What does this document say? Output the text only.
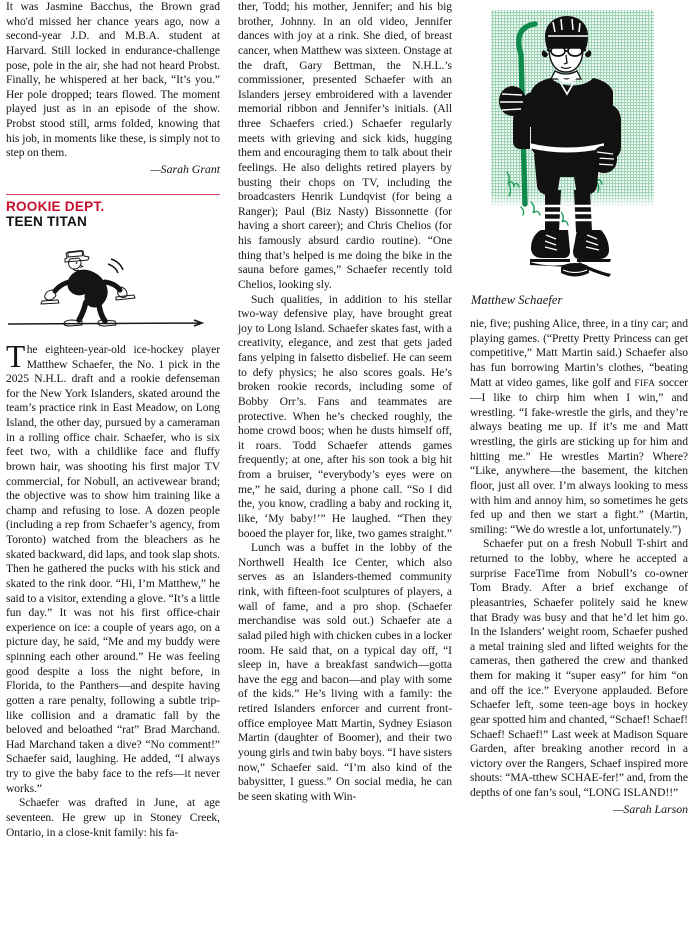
It was Jasmine Bacchus, the Brown grad who'd missed her chance years ago, now a second-year J.D. and M.B.A. student at Harvard. Still locked in endurance-challenge pose, pole in the air, she had not heard Probst. Finally, he whispered at her back, “It’s you.” Her pole dropped; tears flowed. The moment played just as in an episode of the show. Probst stood still, arms folded, knowing that his job, in moments like these, is simply not to step on them.

—Sarah Grant

ROOKIE DEPT.
TEEN TITAN

The eighteen-year-old ice-hockey player Matthew Schaefer, the No. 1 pick in the 2025 N.H.L. draft and a rookie defenseman for the New York Islanders, skated around the team’s practice rink in East Meadow, on Long Island, the other day, pursued by a cameraman in a rolling office chair. Schaefer, who is six feet two, with a childlike face and fluffy brown hair, was shooting his first major TV commercial, for Nobull, an activewear brand; the objective was to show him training like a champ and refusing to lose. A dozen people (including a rep from Schaefer’s agency, from Toronto) watched from the bleachers as he skated backward, did laps, and took slap shots. Then he gathered the pucks with his stick and skated to the rink door. “Hi, I’m Matthew,” he said to a visitor, extending a glove. “It’s a little fun day.” It was not his first office-chair experience on ice: a couple of years ago, on a picture day, he said, “Me and my buddy were spinning each other around.” He was feeling good despite a loss the night before, in Florida, to the Panthers—and despite having gotten a rare penalty, following a subtle trip-like collision and a dramatic fall by the beloved and beloathed “rat” Brad Marchand. Had Marchand taken a dive? “No comment!” Schaefer said, laughing. He added, “I always try to give the baby face to the refs—it never works.”

Schaefer was drafted in June, at age seventeen. He grew up in Stoney Creek, Ontario, in a close-knit family: his fa-

ther, Todd; his mother, Jennifer; and his big brother, Johnny. In an old video, Jennifer dances with joy at a rink. She died, of breast cancer, when Matthew was sixteen. Onstage at the draft, Gary Bettman, the N.H.L.’s commissioner, presented Schaefer with an Islanders jersey embroidered with a lavender memorial ribbon and Jennifer’s initials. (All three Schaefers cried.) Schaefer regularly meets with grieving and sick kids, hugging them and encouraging them to talk about their feelings. He also delights retired players by busting their chops on TV, including the broadcasters Henrik Lundqvist (for being a Ranger); Paul (Biz Nasty) Bissonnette (for having a short career); and Chris Chelios (for his famously absurd cardio routine). “One thing that’s helped is me doing the bike in the sauna before games,” Schaefer recently told Chelios, looking sly.

Such qualities, in addition to his stellar two-way defensive play, have brought great joy to Long Island. Schaefer skates fast, with a creativity, elegance, and zest that gets jaded fans yelping in falsetto disbelief. He can seem to defy physics; he also scores goals. He’s broken rookie records, including some of Bobby Orr’s. Fans and teammates are protective. When he’s checked roughly, the home crowd boos; when he dusts himself off, it roars. Todd Schaefer attends games frequently; at one, after his son took a big hit from a bruiser, “everybody’s eyes were on me,” he said, during a phone call. “So I did the, you know, cradling a baby and rocking it, like, ‘My baby!’” He laughed. “Then they booed the player for, like, two games straight.”

Lunch was a buffet in the lobby of the Northwell Health Ice Center, which also serves as an Islanders-themed community rink, with fifteen-foot sculptures of players, a wall of fame, and a pro shop. (Schaefer merchandise was sold out.) Schaefer ate a salad piled high with chicken cubes in a locker room. He said that, on a typical day off, “I sleep in, have a breakfast sandwich—gotta have the egg and bacon—and play with some of the kids.” He’s living with a family: the retired Islanders enforcer and current front-office employee Matt Martin, Sydney Esiason Martin (daughter of Boomer), and their two young girls and twin baby boys. “I have sisters now,” Schaefer said. “I’m also kind of the babysitter, I guess.” On social media, he can be seen skating with Win-

Matthew Schaefer

nie, five; pushing Alice, three, in a tiny car; and playing games. (“Pretty Pretty Princess can get competitive,” Matt Martin said.) Schaefer also has fun borrowing Martin’s clothes, “beating Matt at video games, like golf and FIFA soccer—I like to chirp him when I win,” and wrestling. “I fake-wrestle the girls, and they’re always beating me up. If it’s me and Matt wrestling, the girls are sticking up for him and hitting me.” He wrestles Martin? Where? “Like, anywhere—the basement, the kitchen floor, just all over. I’m always looking to mess with him and annoy him, so sometimes he gets fed up and then we start a fight.” (Martin, smiling: “We do wrestle a lot, unfortunately.”)

Schaefer put on a fresh Nobull T-shirt and returned to the lobby, where he accepted a surprise FaceTime from Nobull’s co-owner Tom Brady. After a brief exchange of pleasantries, Schaefer politely said he knew that Brady was busy and that he’d let him go. In the Islanders’ weight room, Schaefer pushed a metal training sled and lifted weights for the cameras, then gathered the crew and thanked them for making it “super easy” for him “on and off the ice.” Everyone applauded. Before Schaefer left, some teen-age boys in hockey gear spotted him and chanted, “Schaef! Schaef! Schaef! Schaef!” Last week at Madison Square Garden, after breaking another record in a victory over the Rangers, Schaef inspired more shouts: “MA-tthew SCHAE-fer!” and, from the depths of one fan’s soul, “LONG ISLAND!!”

—Sarah Larson
